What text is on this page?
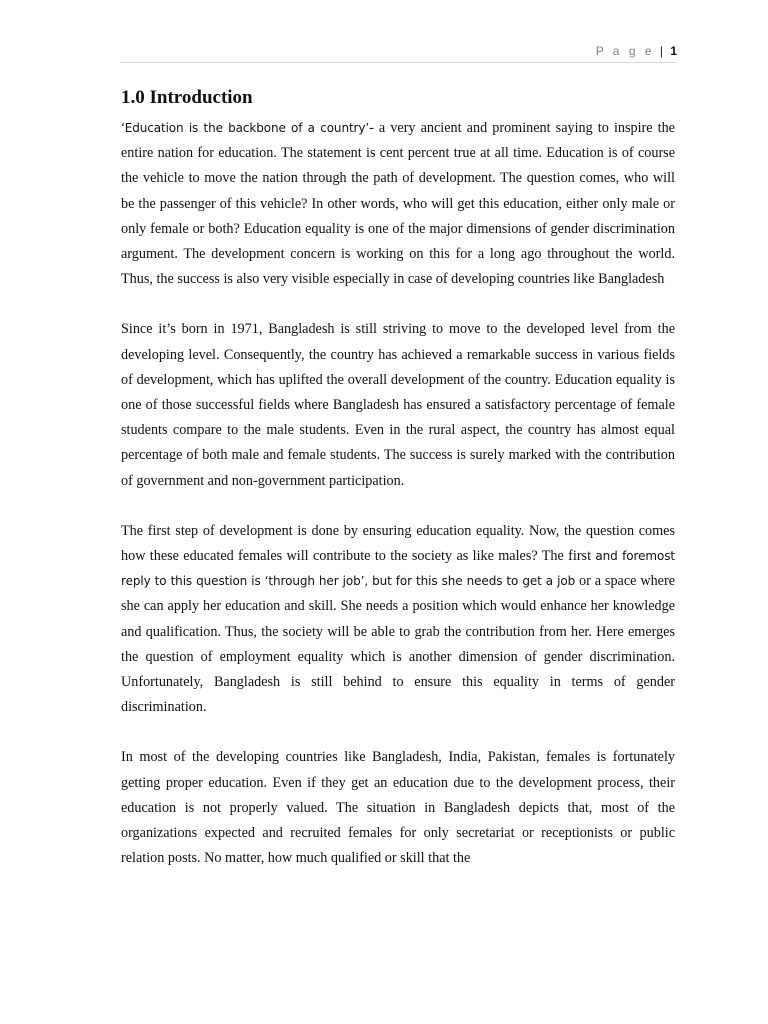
P a g e | 1
1.0 Introduction

‘Education is the backbone of a country’- a very ancient and prominent saying to inspire the entire nation for education. The statement is cent percent true at all time. Education is of course the vehicle to move the nation through the path of development. The question comes, who will be the passenger of this vehicle? In other words, who will get this education, either only male or only female or both? Education equality is one of the major dimensions of gender discrimination argument. The development concern is working on this for a long ago throughout the world. Thus, the success is also very visible especially in case of developing countries like Bangladesh

Since it’s born in 1971, Bangladesh is still striving to move to the developed level from the developing level. Consequently, the country has achieved a remarkable success in various fields of development, which has uplifted the overall development of the country. Education equality is one of those successful fields where Bangladesh has ensured a satisfactory percentage of female students compare to the male students. Even in the rural aspect, the country has almost equal percentage of both male and female students. The success is surely marked with the contribution of government and non-government participation.

The first step of development is done by ensuring education equality. Now, the question comes how these educated females will contribute to the society as like males? The first and foremost reply to this question is ‘through her job’, but for this she needs to get a job or a space where she can apply her education and skill. She needs a position which would enhance her knowledge and qualification. Thus, the society will be able to grab the contribution from her. Here emerges the question of employment equality which is another dimension of gender discrimination. Unfortunately, Bangladesh is still behind to ensure this equality in terms of gender discrimination.

In most of the developing countries like Bangladesh, India, Pakistan, females is fortunately getting proper education. Even if they get an education due to the development process, their education is not properly valued. The situation in Bangladesh depicts that, most of the organizations expected and recruited females for only secretariat or receptionists or public relation posts. No matter, how much qualified or skill that the
